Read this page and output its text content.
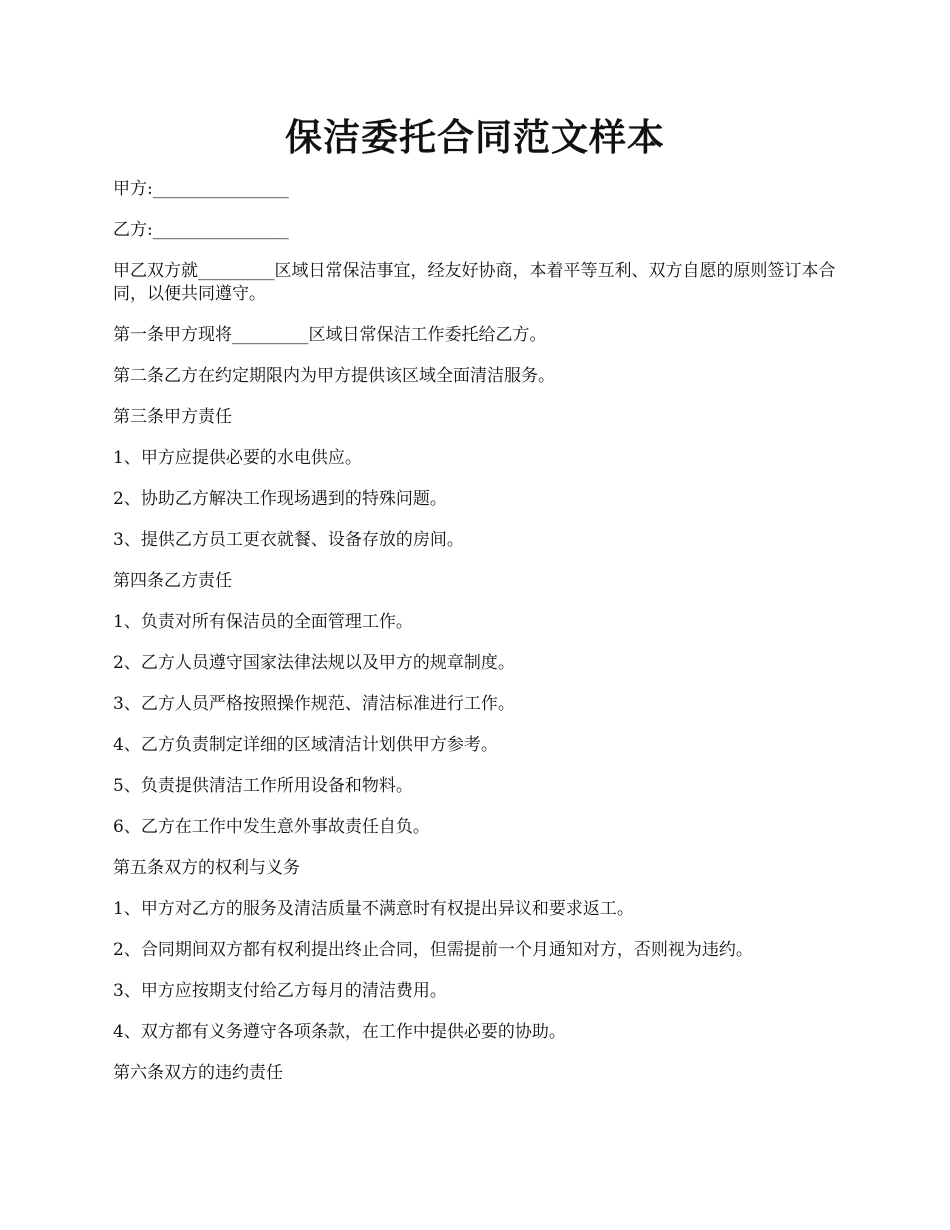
保洁委托合同范文样本

甲方:________________

乙方:________________

甲乙双方就_________区域日常保洁事宜，经友好协商，本着平等互利、双方自愿的原则签订本合同，以便共同遵守。

第一条甲方现将_________区域日常保洁工作委托给乙方。

第二条乙方在约定期限内为甲方提供该区域全面清洁服务。

第三条甲方责任

1、甲方应提供必要的水电供应。

2、协助乙方解决工作现场遇到的特殊问题。

3、提供乙方员工更衣就餐、设备存放的房间。

第四条乙方责任

1、负责对所有保洁员的全面管理工作。

2、乙方人员遵守国家法律法规以及甲方的规章制度。

3、乙方人员严格按照操作规范、清洁标准进行工作。

4、乙方负责制定详细的区域清洁计划供甲方参考。

5、负责提供清洁工作所用设备和物料。

6、乙方在工作中发生意外事故责任自负。

第五条双方的权利与义务

1、甲方对乙方的服务及清洁质量不满意时有权提出异议和要求返工。

2、合同期间双方都有权利提出终止合同，但需提前一个月通知对方，否则视为违约。

3、甲方应按期支付给乙方每月的清洁费用。

4、双方都有义务遵守各项条款，在工作中提供必要的协助。

第六条双方的违约责任
